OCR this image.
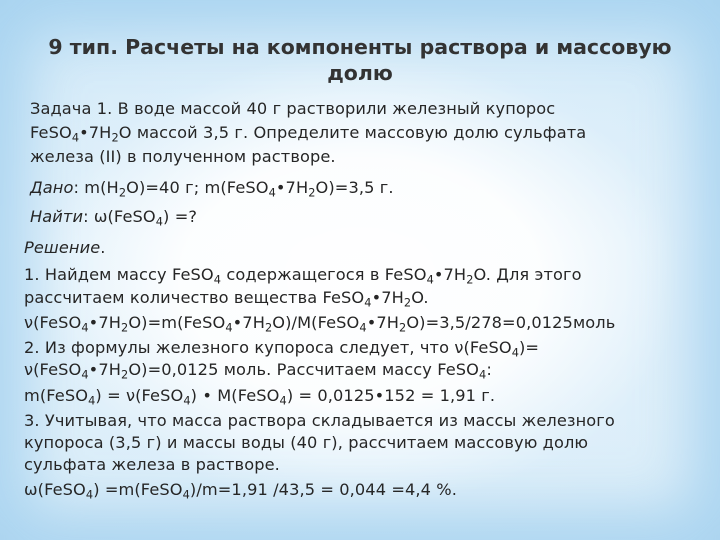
9 тип. Расчеты на компоненты раствора и массовую
долю
Задача 1. В воде массой 40 г растворили железный купорос
$FeSO_4•7H_2O$ массой 3,5 г. Определите массовую долю сульфата
железа (II) в полученном растворе.
Дано: $m(H_2O)=40$ г; $m(FeSO_4•7H_2O)=3,5$ г.
Найти: ω(FeSO$_4$) =?
Решение.
1. Найдем массу FeSO$_4$ содержащегося в $FeSO_4•7H_2O$. Для этого
рассчитаем количество вещества $FeSO_4•7H_2O$.
$\nu(FeSO_4•7H_2O)=m(FeSO_4•7H_2O)/M(FeSO_4•7H_2O)=3,5/278=0,0125моль$
2. Из формулы железного купороса следует, что ν(FeSO$_4$)=
$\nu(FeSO_4•7H_2O)=0,0125$ моль. Рассчитаем массу FeSO$_4$:
m(FeSO$_4$) = ν(FeSO$_4$) • M(FeSO$_4$) = 0,0125•152 = 1,91 г.
3. Учитывая, что масса раствора складывается из массы железного
купороса (3,5 г) и массы воды (40 г), рассчитаем массовую долю
сульфата железа в растворе.
ω(FeSO$_4$) =m(FeSO$_4$)/m=1,91 /43,5 = 0,044 =4,4 %.
